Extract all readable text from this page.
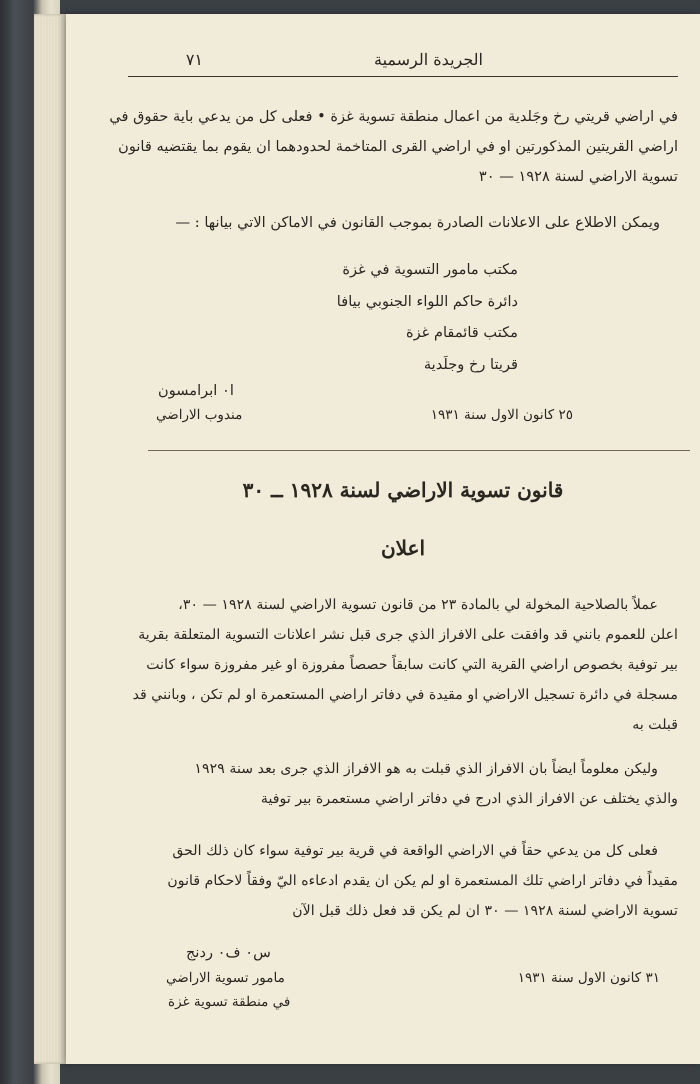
الجريدة الرسمية
٧١
في اراضي قريتي رخ وجَلدية من اعمال منطقة تسوية غزة • فعلى كل من يدعي باية حقوق في
اراضي القريتين المذكورتين او في اراضي القرى المتاخمة لحدودهما ان يقوم بما يقتضيه قانون
تسوية الاراضي لسنة ١٩٢٨ — ٣٠
ويمكن الاطلاع على الاعلانات الصادرة بموجب القانون في الاماكن الاتي بيانها : —
مكتب مامور التسوية في غزة
دائرة حاكم اللواء الجنوبي بيافا
مكتب قائمقام غزة
قريتا رخ وجلَدية
ا٠ ابرامسون
مندوب الاراضي	٢٥ كانون الاول سنة ١٩٣١
قانون تسوية الاراضي لسنة ١٩٢٨ ــ ٣٠
اعلان
عملاً بالصلاحية المخولة لي بالمادة ٢٣ من قانون تسوية الاراضي لسنة ١٩٢٨ — ٣٠،
اعلن للعموم بانني قد وافقت على الافراز الذي جرى قبل نشر اعلانات التسوية المتعلقة بقرية
بير توفية بخصوص اراضي القرية التي كانت سابقاً حصصاً مفروزة او غير مفروزة سواء كانت
مسجلة في دائرة تسجيل الاراضي او مقيدة في دفاتر اراضي المستعمرة او لم تكن ، وبانني قد
قبلت به
وليكن معلوماً ايضاً بان الافراز الذي قبلت به هو الافراز الذي جرى بعد سنة ١٩٢٩
والذي يختلف عن الافراز الذي ادرج في دفاتر اراضي مستعمرة بير توفية
فعلى كل من يدعي حقاً في الاراضي الواقعة في قرية بير توفية سواء كان ذلك الحق
مقيداً في دفاتر اراضي تلك المستعمرة او لم يكن ان يقدم ادعاءه اليّ وفقاً لاحكام قانون
تسوية الاراضي لسنة ١٩٢٨ — ٣٠ ان لم يكن قد فعل ذلك قبل الآن
س٠ ف٠ ردنج
مامور تسوية الاراضي
في منطقة تسوية غزة
٣١ كانون الاول سنة ١٩٣١
